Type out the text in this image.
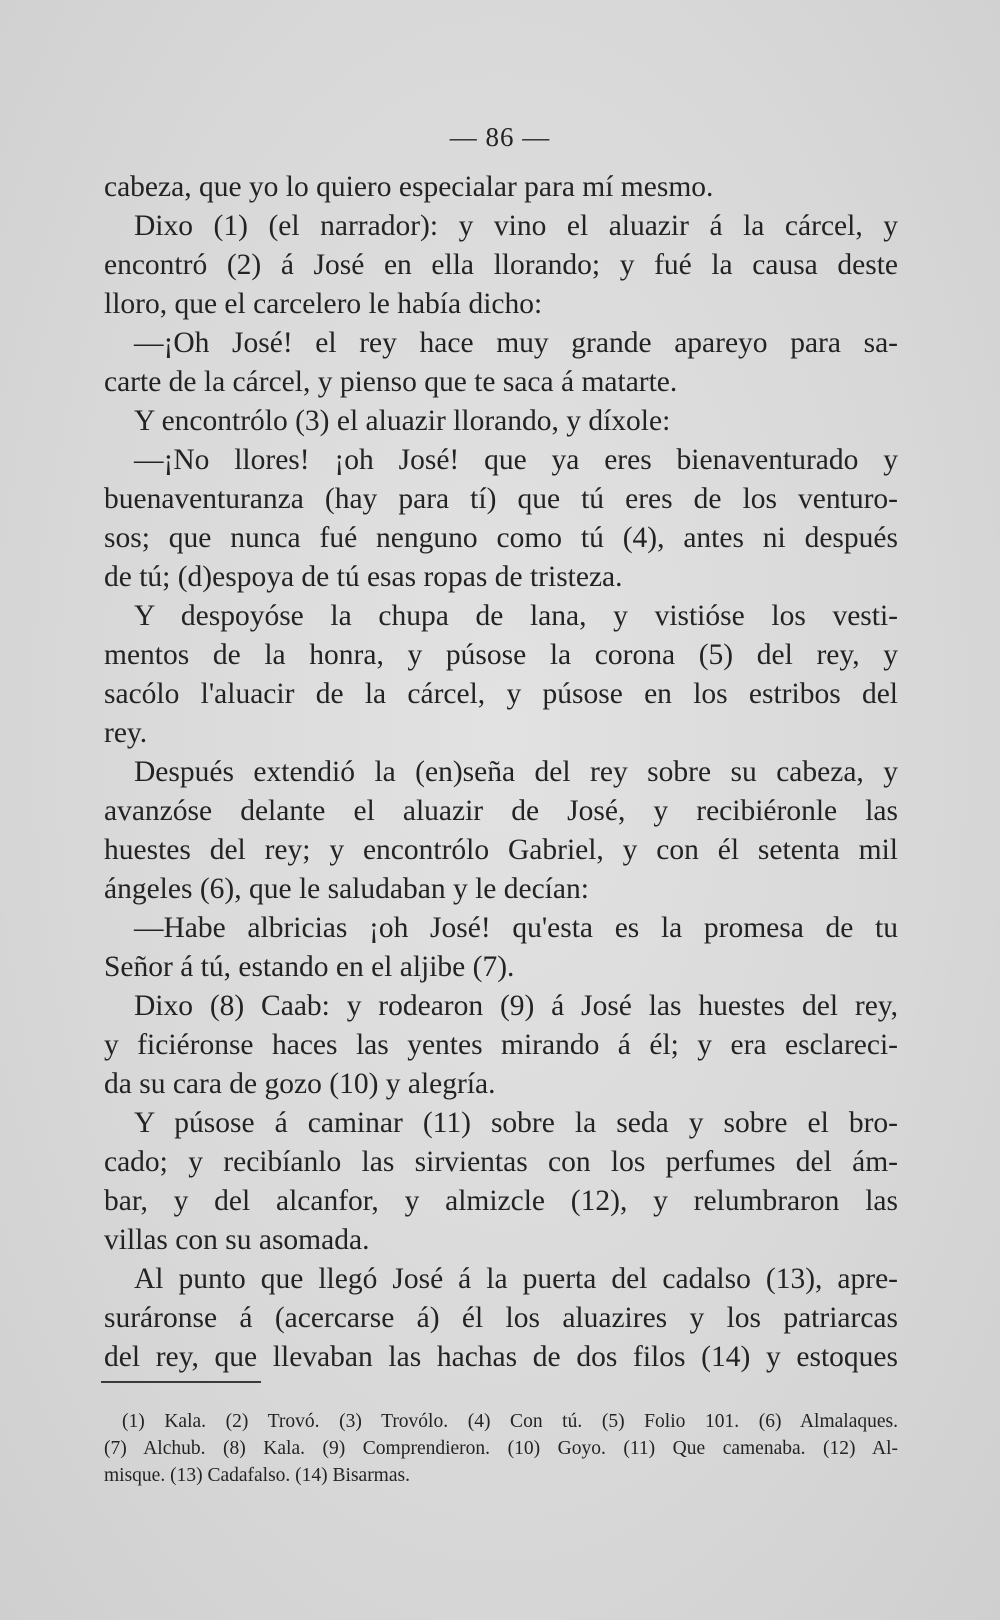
— 86 —
cabeza, que yo lo quiero especialar para mí mesmo.
Dixo (1) (el narrador): y vino el aluazir á la cárcel, y
encontró (2) á José en ella llorando; y fué la causa deste
lloro, que el carcelero le había dicho:
—¡Oh José! el rey hace muy grande apareyo para sa-
carte de la cárcel, y pienso que te saca á matarte.
Y encontrólo (3) el aluazir llorando, y díxole:
—¡No llores! ¡oh José! que ya eres bienaventurado y
buenaventuranza (hay para tí) que tú eres de los venturo-
sos; que nunca fué nenguno como tú (4), antes ni después
de tú; (d)espoya de tú esas ropas de tristeza.
Y despoyóse la chupa de lana, y vistióse los vesti-
mentos de la honra, y púsose la corona (5) del rey, y
sacólo l'aluacir de la cárcel, y púsose en los estribos del
rey.
Después extendió la (en)seña del rey sobre su cabeza, y
avanzóse delante el aluazir de José, y recibiéronle las
huestes del rey; y encontrólo Gabriel, y con él setenta mil
ángeles (6), que le saludaban y le decían:
—Habe albricias ¡oh José! qu'esta es la promesa de tu
Señor á tú, estando en el aljibe (7).
Dixo (8) Caab: y rodearon (9) á José las huestes del rey,
y ficiéronse haces las yentes mirando á él; y era esclareci-
da su cara de gozo (10) y alegría.
Y púsose á caminar (11) sobre la seda y sobre el bro-
cado; y recibíanlo las sirvientas con los perfumes del ám-
bar, y del alcanfor, y almizcle (12), y relumbraron las
villas con su asomada.
Al punto que llegó José á la puerta del cadalso (13), apre-
suráronse á (acercarse á) él los aluazires y los patriarcas
del rey, que llevaban las hachas de dos filos (14) y estoques
(1) Kala. (2) Trovó. (3) Trovólo. (4) Con tú. (5) Folio 101. (6) Almalaques.
(7) Alchub. (8) Kala. (9) Comprendieron. (10) Goyo. (11) Que camenaba. (12) Al-
misque. (13) Cadafalso. (14) Bisarmas.
